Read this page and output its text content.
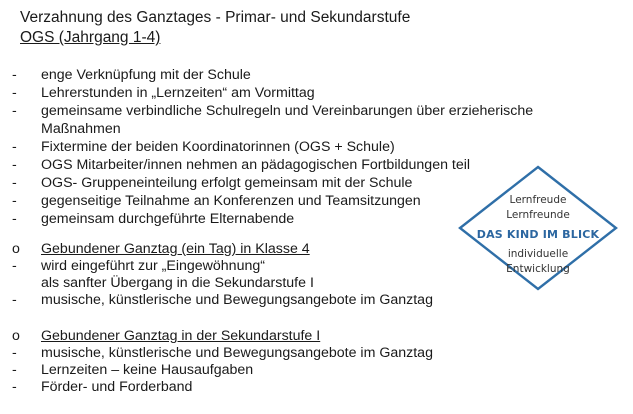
Verzahnung des Ganztages - Primar- und Sekundarstufe
OGS (Jahrgang 1-4)
-	enge Verknüpfung mit der Schule
-	Lehrerstunden in „Lernzeiten“ am Vormittag
-	gemeinsame verbindliche Schulregeln und Vereinbarungen über erzieherische
Maßnahmen
-	Fixtermine der beiden Koordinatorinnen (OGS + Schule)
-	OGS Mitarbeiter/innen nehmen an pädagogischen Fortbildungen teil
-	OGS- Gruppeneinteilung erfolgt gemeinsam mit der Schule
-	gegenseitige Teilnahme an Konferenzen und Teamsitzungen
-	gemeinsam durchgeführte Elternabende
o	Gebundener Ganztag (ein Tag) in Klasse 4
-	wird eingeführt zur „Eingewöhnung“
als sanfter Übergang in die Sekundarstufe I
-	musische, künstlerische und Bewegungsangebote im Ganztag
o	Gebundener Ganztag in der Sekundarstufe I
-	musische, künstlerische und Bewegungsangebote im Ganztag
-	Lernzeiten – keine Hausaufgaben
-	Förder- und Forderband
Lernfreude
Lernfreunde
DAS KIND IM BLICK
individuelle
Entwicklung
